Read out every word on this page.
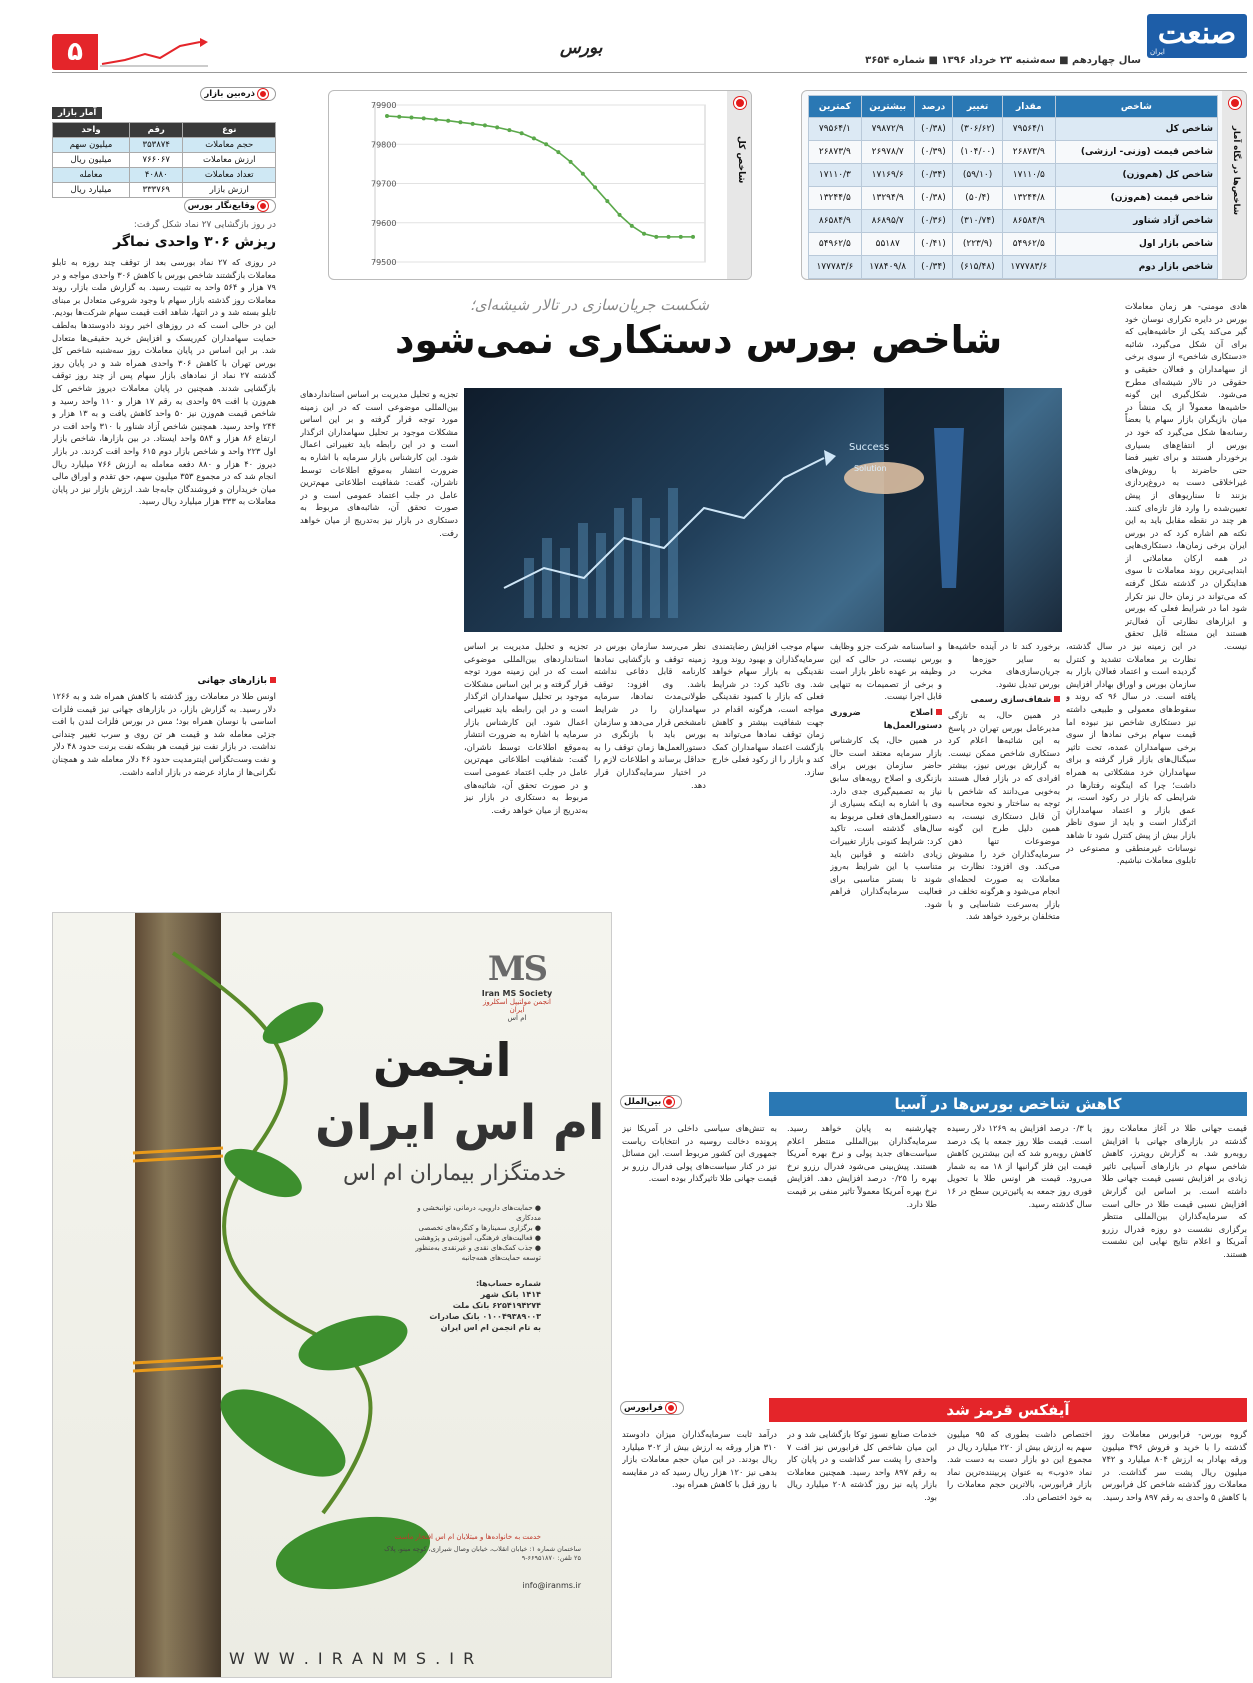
صنعت
ایران
سال چهاردهم ■ سه‌شنبه ۲۳ خرداد ۱۳۹۶ ■ شماره ۳۶۵۴
بورس
۵
شاخص‌ها در نگاه آمار
شاخص	مقدار	تغییر	درصد	بیشترین	کمترین
شاخص کل	۷۹۵۶۴/۱	(۳۰۶/۶۲)	(۰/۳۸)	۷۹۸۷۲/۹	۷۹۵۶۴/۱
شاخص قیمت (وزنی- ارزشی)	۲۶۸۷۳/۹	(۱۰۴/۰۰)	(۰/۳۹)	۲۶۹۷۸/۷	۲۶۸۷۳/۹
شاخص کل (هم‌وزن)	۱۷۱۱۰/۵	(۵۹/۱۰)	(۰/۳۴)	۱۷۱۶۹/۶	۱۷۱۱۰/۳
شاخص قیمت (هم‌وزن)	۱۳۲۴۴/۸	(۵۰/۴)	(۰/۳۸)	۱۳۲۹۴/۹	۱۳۲۴۴/۵
شاخص آزاد شناور	۸۶۵۸۴/۹	(۳۱۰/۷۴)	(۰/۳۶)	۸۶۸۹۵/۷	۸۶۵۸۴/۹
شاخص بازار اول	۵۴۹۶۲/۵	(۲۲۳/۹)	(۰/۴۱)	۵۵۱۸۷	۵۴۹۶۲/۵
شاخص بازار دوم	۱۷۷۷۸۳/۶	(۶۱۵/۴۸)	(۰/۳۴)	۱۷۸۴۰۹/۸	۱۷۷۷۸۳/۶
شاخص کل
79900
79800
79700
79600
79500
ذره‌بین بازار
آمار بازار
نوع	رقم	واحد
حجم معاملات	۳۵۳۸۷۴	میلیون سهم
ارزش معاملات	۷۶۶۰۶۷	میلیون ریال
تعداد معاملات	۴۰۸۸۰	معامله
ارزش بازار	۳۳۳۷۶۹	میلیارد ریال
وقایع‌نگار بورس
در روز بازگشایی ۲۷ نماد شکل گرفت:
ریزش ۳۰۶ واحدی نماگر

در روزی که ۲۷ نماد بورسی بعد از توقف چند روزه به تابلو معاملات بازگشتند شاخص بورس با کاهش ۳۰۶ واحدی مواجه و در ۷۹ هزار و ۵۶۴ واحد به تثبیت رسید. به گزارش ملت بازار، روند معاملات روز گذشته بازار سهام با وجود شروعی متعادل بر مبنای تابلو بسته شد و در انتها، شاهد افت قیمت سهام شرکت‌ها بودیم. این در حالی است که در روزهای اخیر روند دادوستدها به‌لطف حمایت سهامداران کم‌ریسک و افزایش خرید حقیقی‌ها متعادل شد. بر این اساس در پایان معاملات روز سه‌شنبه شاخص کل بورس تهران با کاهش ۳۰۶ واحدی همراه شد و در پایان روز گذشته ۲۷ نماد از نمادهای بازار سهام پس از چند روز توقف بازگشایی شدند. همچنین در پایان معاملات دیروز شاخص کل هم‌وزن با افت ۵۹ واحدی به رقم ۱۷ هزار و ۱۱۰ واحد رسید و شاخص قیمت هم‌وزن نیز ۵۰ واحد کاهش یافت و به ۱۳ هزار و ۲۴۴ واحد رسید. همچنین شاخص آزاد شناور با ۳۱۰ واحد افت در ارتفاع ۸۶ هزار و ۵۸۴ واحد ایستاد. در بین بازارها، شاخص بازار اول ۲۲۳ واحد و شاخص بازار دوم ۶۱۵ واحد افت کردند. در بازار دیروز ۴۰ هزار و ۸۸۰ دفعه معامله به ارزش ۷۶۶ میلیارد ریال انجام شد که در مجموع ۳۵۳ میلیون سهم، حق تقدم و اوراق مالی میان خریداران و فروشندگان جابه‌جا شد. ارزش بازار نیز در پایان معاملات به ۳۳۳ هزار میلیارد ریال رسید.

بازارهای جهانی

اونس طلا در معاملات روز گذشته با کاهش همراه شد و به ۱۲۶۶ دلار رسید. به گزارش بازار، در بازارهای جهانی نیز قیمت فلزات اساسی با نوسان همراه بود؛ مس در بورس فلزات لندن با افت جزئی معامله شد و قیمت هر تن روی و سرب تغییر چندانی نداشت. در بازار نفت نیز قیمت هر بشکه نفت برنت حدود ۴۸ دلار و نفت وست‌تگزاس اینترمدیت حدود ۴۶ دلار معامله شد و همچنان نگرانی‌ها از مازاد عرضه در بازار ادامه داشت.

شکست جریان‌سازی در تالار شیشه‌ای؛
شاخص بورس دستکاری نمی‌شود
Success
Solution

هادی مومنی- هر زمان معاملات بورس در دایره تکراری نوسان خود گیر می‌کند یکی از حاشیه‌هایی که برای آن شکل می‌گیرد، شائبه «دستکاری شاخص» از سوی برخی از سهامداران و فعالان حقیقی و حقوقی در تالار شیشه‌ای مطرح می‌شود. شکل‌گیری این گونه حاشیه‌ها معمولاً از یک منشأ در میان بازیگران بازار سهام یا بعضاً رسانه‌ها شکل می‌گیرد که خود در بورس از انتفاع‌های بسیاری برخوردار هستند و برای تغییر فضا حتی حاضرند با روش‌های غیراخلاقی دست به دروغ‌پردازی بزنند تا سناریوهای از پیش تعیین‌شده را وارد فاز تازه‌ای کنند. هر چند در نقطه مقابل باید به این نکته هم اشاره کرد که در بورس ایران برخی زمان‌ها، دستکاری‌هایی در همه ارکان معاملاتی از ابتدایی‌ترین روند معاملات تا سوی هدایتگران در گذشته شکل گرفته که می‌تواند در زمان حال نیز تکرار شود اما در شرایط فعلی که بورس و ابزارهای نظارتی آن فعال‌تر هستند این مسئله قابل تحقق نیست.

برخورد کند تا در آینده حاشیه‌ها به سایر حوزه‌ها و جریان‌سازی‌های مخرب در بورس تبدیل نشود.

شفاف‌سازی رسمی

در همین حال، به تازگی مدیرعامل بورس تهران در پاسخ به این شائبه‌ها اعلام کرد دستکاری شاخص ممکن نیست. به گزارش بورس نیوز، بیشتر افرادی که در بازار فعال هستند به‌خوبی می‌دانند که شاخص با توجه به ساختار و نحوه محاسبه آن قابل دستکاری نیست، به همین دلیل طرح این گونه موضوعات تنها ذهن سرمایه‌گذاران خرد را مشوش می‌کند. وی افزود: نظارت بر معاملات به صورت لحظه‌ای انجام می‌شود و هرگونه تخلف در بازار به‌سرعت شناسایی و با متخلفان برخورد خواهد شد.

و اساسنامه شرکت جزو وظایف بورس نیست، در حالی که این وظیفه بر عهده ناظر بازار است و برخی از تصمیمات به تنهایی قابل اجرا نیست.

اصلاح ضروری دستورالعمل‌ها

در همین حال، یک کارشناس بازار سرمایه معتقد است حال حاضر سازمان بورس برای بازنگری و اصلاح رویه‌های سابق نیاز به تصمیم‌گیری جدی دارد. وی با اشاره به اینکه بسیاری از دستورالعمل‌های فعلی مربوط به سال‌های گذشته است، تاکید کرد: شرایط کنونی بازار تغییرات زیادی داشته و قوانین باید متناسب با این شرایط به‌روز شوند تا بستر مناسبی برای فعالیت سرمایه‌گذاران فراهم شود.

سهام موجب افزایش رضایتمندی سرمایه‌گذاران و بهبود روند ورود نقدینگی به بازار سهام خواهد شد. وی تاکید کرد: در شرایط فعلی که بازار با کمبود نقدینگی مواجه است، هرگونه اقدام در جهت شفافیت بیشتر و کاهش زمان توقف نمادها می‌تواند به بازگشت اعتماد سهامداران کمک کند و بازار را از رکود فعلی خارج سازد.

نظر می‌رسد سازمان بورس در زمینه توقف و بازگشایی نمادها کارنامه قابل دفاعی نداشته باشد. وی افزود: توقف طولانی‌مدت نمادها، سرمایه سهامداران را در شرایط نامشخص قرار می‌دهد و سازمان بورس باید با بازنگری در دستورالعمل‌ها زمان توقف را به حداقل برساند و اطلاعات لازم را در اختیار سرمایه‌گذاران قرار دهد.

تجزیه و تحلیل مدیریت بر اساس استانداردهای بین‌المللی موضوعی است که در این زمینه مورد توجه قرار گرفته و بر این اساس مشکلات موجود بر تحلیل سهامداران اثرگذار است و در این رابطه باید تغییراتی اعمال شود. این کارشناس بازار سرمایه با اشاره به ضرورت انتشار به‌موقع اطلاعات توسط ناشران، گفت: شفافیت اطلاعاتی مهم‌ترین عامل در جلب اعتماد عمومی است و در صورت تحقق آن، شائبه‌های مربوط به دستکاری در بازار نیز به‌تدریج از میان خواهد رفت.

در این زمینه نیز در سال گذشته، نظارت بر معاملات تشدید و کنترل گردیده است و اعتماد فعالان بازار به سازمان بورس و اوراق بهادار افزایش یافته است. در سال ۹۶ که روند و سقوط‌های معمولی و طبیعی داشته نیز دستکاری شاخص نیز نبوده اما قیمت سهام برخی نمادها از سوی برخی سهامداران عمده، تحت تاثیر سیگنال‌های بازار قرار گرفته و برای سهامداران خرد مشکلاتی به همراه داشت؛ چرا که اینگونه رفتارها در شرایطی که بازار در رکود است، بر عمق بازار و اعتماد سهامداران اثرگذار است و باید از سوی ناظر بازار بیش از پیش کنترل شود تا شاهد نوسانات غیرمنطقی و مصنوعی در تابلوی معاملات نباشیم.

تجزیه و تحلیل مدیریت بر اساس استانداردهای بین‌المللی موضوعی است که در این زمینه مورد توجه قرار گرفته و بر این اساس مشکلات موجود بر تحلیل سهامداران اثرگذار است و در این رابطه باید تغییراتی اعمال شود. این کارشناس بازار سرمایه با اشاره به ضرورت انتشار به‌موقع اطلاعات توسط ناشران، گفت: شفافیت اطلاعاتی مهم‌ترین عامل در جلب اعتماد عمومی است و در صورت تحقق آن، شائبه‌های مربوط به دستکاری در بازار نیز به‌تدریج از میان خواهد رفت.

بین‌الملل	کاهش شاخص بورس‌ها در آسیا

قیمت جهانی طلا در آغاز معاملات روز گذشته در بازارهای جهانی با افزایش روبه‌رو شد. به گزارش رویترز، کاهش شاخص سهام در بازارهای آسیایی تاثیر زیادی بر افزایش نسبی قیمت جهانی طلا داشته است. بر اساس این گزارش افزایش نسبی قیمت طلا در حالی است که سرمایه‌گذاران بین‌المللی منتظر برگزاری نشست دو روزه فدرال رزرو آمریکا و اعلام نتایج نهایی این نشست هستند.

یا ۰/۳ درصد افزایش به ۱۲۶۹ دلار رسیده است. قیمت طلا روز جمعه با یک درصد کاهش روبه‌رو شد که این بیشترین کاهش قیمت این فلز گرانبها از ۱۸ مه به شمار می‌رود. قیمت هر اونس طلا با تحویل فوری روز جمعه به پائین‌ترین سطح در ۱۶ سال گذشته رسید.

چهارشنبه به پایان خواهد رسید. سرمایه‌گذاران بین‌المللی منتظر اعلام سیاست‌های جدید پولی و نرخ بهره آمریکا هستند. پیش‌بینی می‌شود فدرال رزرو نرخ بهره را ۰/۲۵ درصد افزایش دهد. افزایش نرخ بهره آمریکا معمولاً تاثیر منفی بر قیمت طلا دارد.

به تنش‌های سیاسی داخلی در آمریکا نیز پرونده دخالت روسیه در انتخابات ریاست جمهوری این کشور مربوط است. این مسائل نیز در کنار سیاست‌های پولی فدرال رزرو بر قیمت جهانی طلا تاثیرگذار بوده است.

فرابورس	آیفکس قرمز شد

گروه بورس- فرابورس معاملات روز گذشته را با خرید و فروش ۳۹۶ میلیون ورقه بهادار به ارزش ۸۰۴ میلیارد و ۷۴۲ میلیون ریال پشت سر گذاشت. در معاملات روز گذشته شاخص کل فرابورس با کاهش ۵ واحدی به رقم ۸۹۷ واحد رسید.

اختصاص داشت بطوری که ۹۵ میلیون سهم به ارزش بیش از ۲۲۰ میلیارد ریال در مجموع این دو بازار دست به دست شد. نماد «ذوب» به عنوان پربیننده‌ترین نماد بازار فرابورس، بالاترین حجم معاملات را به خود اختصاص داد.

خدمات صنایع نسوز توکا بازگشایی شد و در این میان شاخص کل فرابورس نیز افت ۷ واحدی را پشت سر گذاشت و در پایان کار به رقم ۸۹۷ واحد رسید. همچنین معاملات بازار پایه نیز روز گذشته ۲۰۸ میلیارد ریال بود.

درآمد ثابت سرمایه‌گذاران میزان دادوستد ۳۱۰ هزار ورقه به ارزش بیش از ۳۰۲ میلیارد ریال بودند. در این میان حجم معاملات بازار بدهی نیز ۱۲۰ هزار ریال رسید که در مقایسه با روز قبل با کاهش همراه بود.

MS
Iran MS Society
انجمن مولتیپل اسکلروز ایران
ام اس
انجمن
ام اس ایران
خدمتگزار بیماران ام اس
● حمایت‌های دارویی، درمانی، توانبخشی و مددکاری
● برگزاری سمینارها و کنگره‌های تخصصی
● فعالیت‌های فرهنگی، آموزشی و پژوهشی
● جذب کمک‌های نقدی و غیرنقدی به‌منظور توسعه حمایت‌های همه‌جانبه
شماره حساب‌ها:
۱۴۱۴ بانک شهر
۶۲۵۴۱۹۴۲۷۴ بانک ملت
۰۱۰۰۴۹۳۸۹۰۰۳ بانک صادرات
به نام انجمن ام اس ایران
خدمت به خانواده‌ها و مبتلایان ام اس افتخار ماست
ساختمان شماره ۱: خیابان انقلاب، خیابان وصال شیرازی، کوچه مینو، پلاک ۲۵ تلفن: ۶۶۹۵۱۸۷۰-۹
info@iranms.ir
W W W . I R A N M S . I R
